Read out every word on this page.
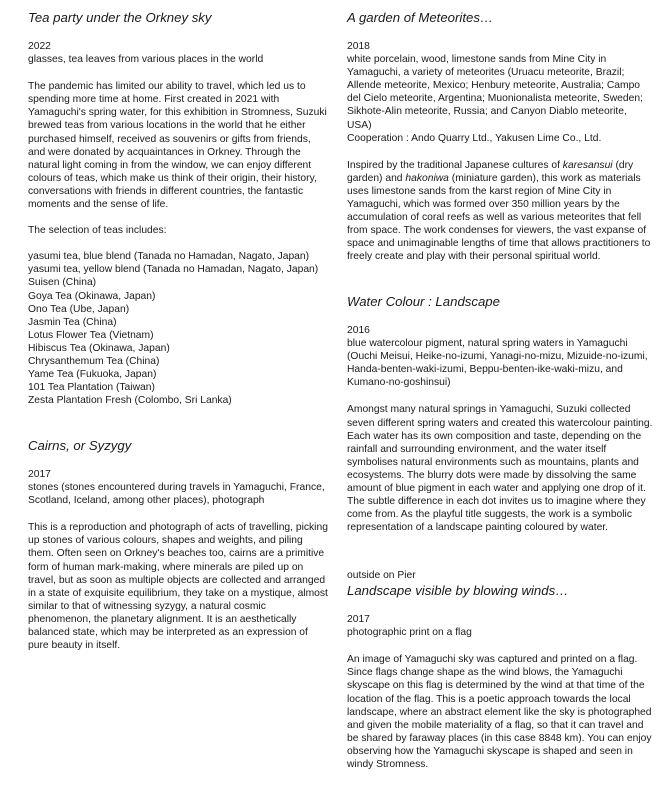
Tea party under the Orkney sky

2022

glasses, tea leaves from various places in the world

The pandemic has limited our ability to travel, which led us to spending more time at home. First created in 2021 with Yamaguchi's spring water, for this exhibition in Stromness, Suzuki brewed teas from various locations in the world that he either purchased himself, received as souvenirs or gifts from friends, and were donated by acquaintances in Orkney. Through the natural light coming in from the window, we can enjoy different colours of teas, which make us think of their origin, their history, conversations with friends in different countries, the fantastic moments and the sense of life.

The selection of teas includes:

yasumi tea, blue blend (Tanada no Hamadan, Nagato, Japan)
yasumi tea, yellow blend (Tanada no Hamadan, Nagato, Japan)
Suisen (China)
Goya Tea (Okinawa, Japan)
Ono Tea (Ube, Japan)
Jasmin Tea (China)
Lotus Flower Tea (Vietnam)
Hibiscus Tea (Okinawa, Japan)
Chrysanthemum Tea (China)
Yame Tea (Fukuoka, Japan)
101 Tea Plantation (Taiwan)
Zesta Plantation Fresh (Colombo, Sri Lanka)
Cairns, or Syzygy

2017

stones (stones encountered during travels in Yamaguchi, France, Scotland, Iceland, among other places), photograph

This is a reproduction and photograph of acts of travelling, picking up stones of various colours, shapes and weights, and piling them. Often seen on Orkney's beaches too, cairns are a primitive form of human mark-making, where minerals are piled up on travel, but as soon as multiple objects are collected and arranged in a state of exquisite equilibrium, they take on a mystique, almost similar to that of witnessing syzygy, a natural cosmic phenomenon, the planetary alignment. It is an aesthetically balanced state, which may be interpreted as an expression of pure beauty in itself.

A garden of Meteorites…

2018

white porcelain, wood, limestone sands from Mine City in Yamaguchi, a variety of meteorites (Uruacu meteorite, Brazil; Allende meteorite, Mexico; Henbury meteorite, Australia; Campo del Cielo meteorite, Argentina; Muonionalista meteorite, Sweden; Sikhote-Alin meteorite, Russia; and Canyon Diablo meteorite, USA)

Cooperation : Ando Quarry Ltd., Yakusen Lime Co., Ltd.

Inspired by the traditional Japanese cultures of karesansui (dry garden) and hakoniwa (miniature garden), this work as materials uses limestone sands from the karst region of Mine City in Yamaguchi, which was formed over 350 million years by the accumulation of coral reefs as well as various meteorites that fell from space. The work condenses for viewers, the vast expanse of space and unimaginable lengths of time that allows practitioners to freely create and play with their personal spiritual world.

Water Colour : Landscape

2016

blue watercolour pigment, natural spring waters in Yamaguchi (Ouchi Meisui, Heike-no-izumi, Yanagi-no-mizu, Mizuide-no-izumi, Handa-benten-waki-izumi, Beppu-benten-ike-waki-mizu, and Kumano-no-goshinsui)

Amongst many natural springs in Yamaguchi, Suzuki collected seven different spring waters and created this watercolour painting. Each water has its own composition and taste, depending on the rainfall and surrounding environment, and the water itself symbolises natural environments such as mountains, plants and ecosystems. The blurry dots were made by dissolving the same amount of blue pigment in each water and applying one drop of it. The subtle difference in each dot invites us to imagine where they come from. As the playful title suggests, the work is a symbolic representation of a landscape painting coloured by water.

outside on Pier

Landscape visible by blowing winds…

2017

photographic print on a flag

An image of Yamaguchi sky was captured and printed on a flag. Since flags change shape as the wind blows, the Yamaguchi skyscape on this flag is determined by the wind at that time of the location of the flag. This is a poetic approach towards the local landscape, where an abstract element like the sky is photographed and given the mobile materiality of a flag, so that it can travel and be shared by faraway places (in this case 8848 km). You can enjoy observing how the Yamaguchi skyscape is shaped and seen in windy Stromness.
